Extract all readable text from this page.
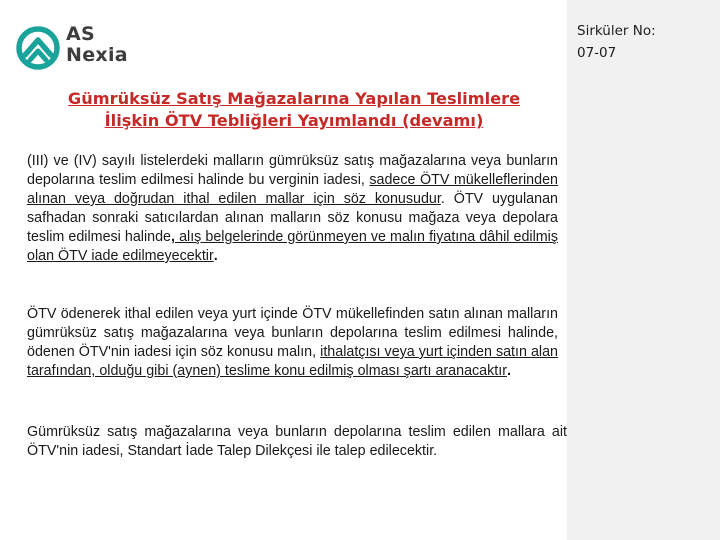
Sirküler No:
07-07
AS
Nexia
Gümrüksüz Satış Mağazalarına Yapılan Teslimlere
İlişkin ÖTV Tebliğleri Yayımlandı (devamı)
(III) ve (IV) sayılı listelerdeki malların gümrüksüz satış mağazalarına veya bunların depolarına teslim edilmesi halinde bu verginin iadesi, sadece ÖTV mükelleflerinden alınan veya doğrudan ithal edilen mallar için söz konusudur. ÖTV uygulanan safhadan sonraki satıcılardan alınan malların söz konusu mağaza veya depolara teslim edilmesi halinde, alış belgelerinde görünmeyen ve malın fiyatına dâhil edilmiş olan ÖTV iade edilmeyecektir.
ÖTV ödenerek ithal edilen veya yurt içinde ÖTV mükellefinden satın alınan malların gümrüksüz satış mağazalarına veya bunların depolarına teslim edilmesi halinde, ödenen ÖTV'nin iadesi için söz konusu malın, ithalatçısı veya yurt içinden satın alan tarafından, olduğu gibi (aynen) teslime konu edilmiş olması şartı aranacaktır.
Gümrüksüz satış mağazalarına veya bunların depolarına teslim edilen mallara ait ÖTV'nin iadesi, Standart İade Talep Dilekçesi ile talep edilecektir.
